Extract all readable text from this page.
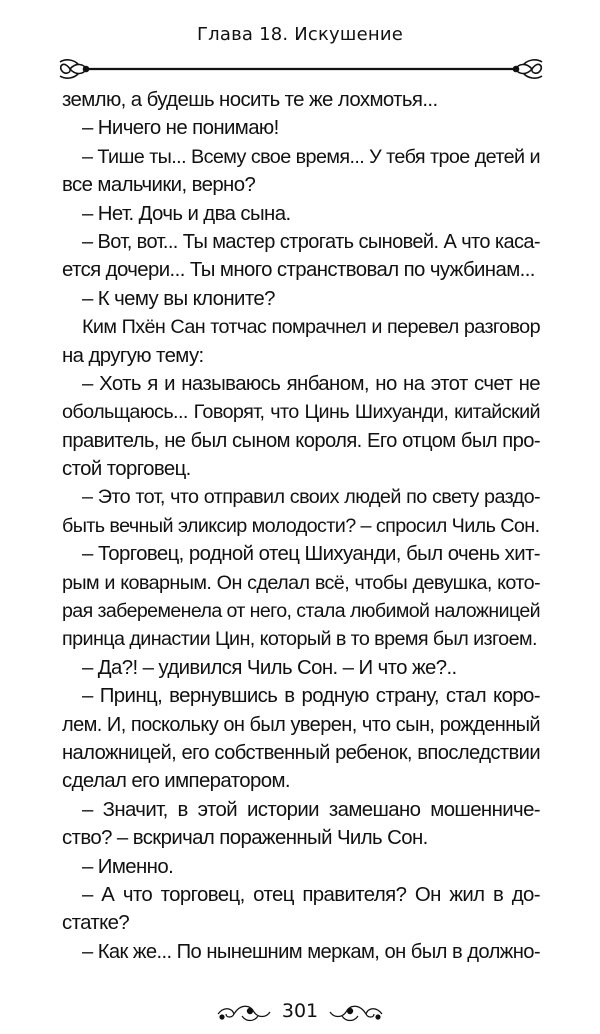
Глава 18. Искушение
землю, а будешь носить те же лохмотья...
– Ничего не понимаю!
– Тише ты... Всему свое время... У тебя трое детей и
все мальчики, верно?
– Нет. Дочь и два сына.
– Вот, вот... Ты мастер строгать сыновей. А что каса-
ется дочери... Ты много странствовал по чужбинам...
– К чему вы клоните?
Ким Пхён Сан тотчас помрачнел и перевел разговор
на другую тему:
– Хоть я и называюсь янбаном, но на этот счет не
обольщаюсь... Говорят, что Цинь Шихуанди, китайский
правитель, не был сыном короля. Его отцом был про-
стой торговец.
– Это тот, что отправил своих людей по свету раздо-
быть вечный эликсир молодости? – спросил Чиль Сон.
– Торговец, родной отец Шихуанди, был очень хит-
рым и коварным. Он сделал всё, чтобы девушка, кото-
рая забеременела от него, стала любимой наложницей
принца династии Цин, который в то время был изгоем.
– Да?! – удивился Чиль Сон. – И что же?..
– Принц, вернувшись в родную страну, стал коро-
лем. И, поскольку он был уверен, что сын, рожденный
наложницей, его собственный ребенок, впоследствии
сделал его императором.
– Значит, в этой истории замешано мошенниче-
ство? – вскричал пораженный Чиль Сон.
– Именно.
– А что торговец, отец правителя? Он жил в до-
статке?
– Как же... По нынешним меркам, он был в должно-
301
